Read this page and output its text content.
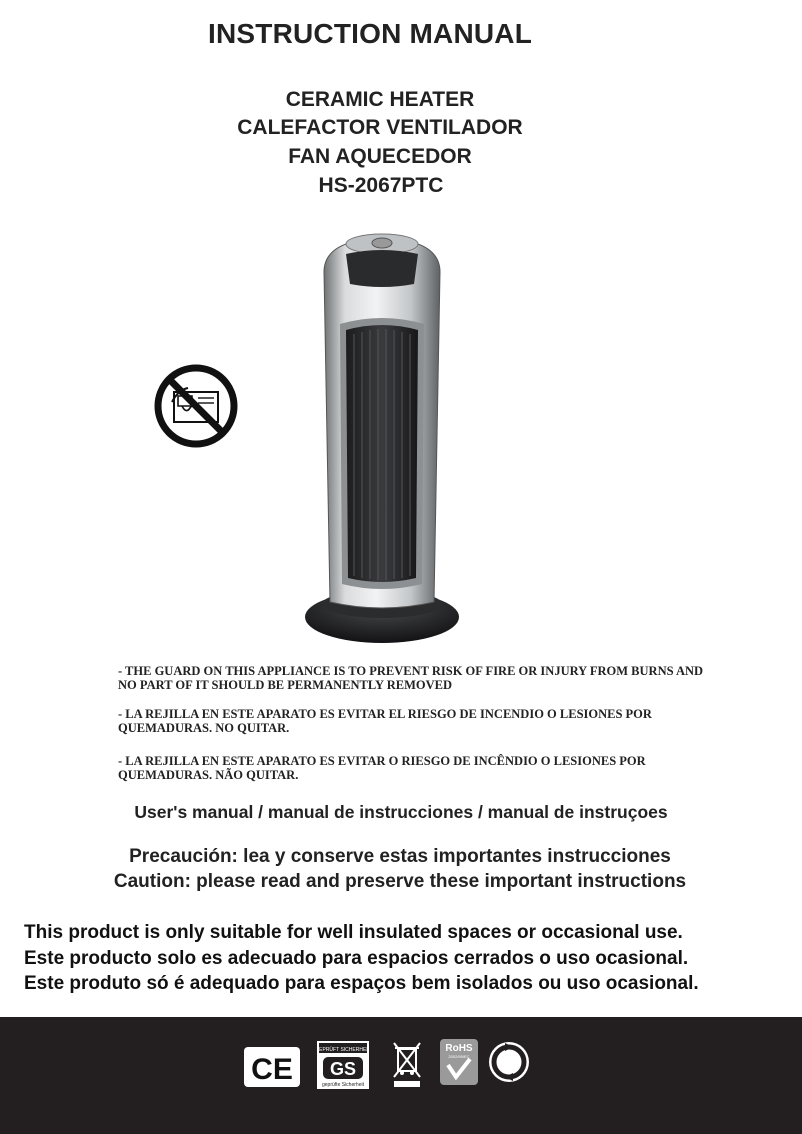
INSTRUCTION MANUAL
CERAMIC HEATER
CALEFACTOR VENTILADOR
FAN AQUECEDOR
HS-2067PTC
- THE GUARD ON THIS APPLIANCE IS TO PREVENT RISK OF FIRE OR INJURY FROM BURNS AND NO PART OF IT SHOULD BE PERMANENTLY REMOVED
- LA REJILLA EN ESTE APARATO ES EVITAR EL RIESGO DE INCENDIO O LESIONES POR QUEMADURAS. NO QUITAR.
- LA REJILLA EN ESTE APARATO ES EVITAR O RIESGO DE INCÊNDIO O LESIONES POR QUEMADURAS. NÃO QUITAR.
User's manual / manual de instrucciones / manual de instruçoes
Precaución: lea y conserve estas importantes instrucciones
Caution: please read and preserve these important instructions
This product is only suitable for well insulated spaces or occasional use.
Este producto solo es adecuado para espacios cerrados o uso ocasional.
Este produto só é adequado para espaços bem isolados ou uso ocasional.
CE
GEPRÜFT SICHERHEIT
GS
geprüfte Sicherheit
RoHS
2002/95/EC
